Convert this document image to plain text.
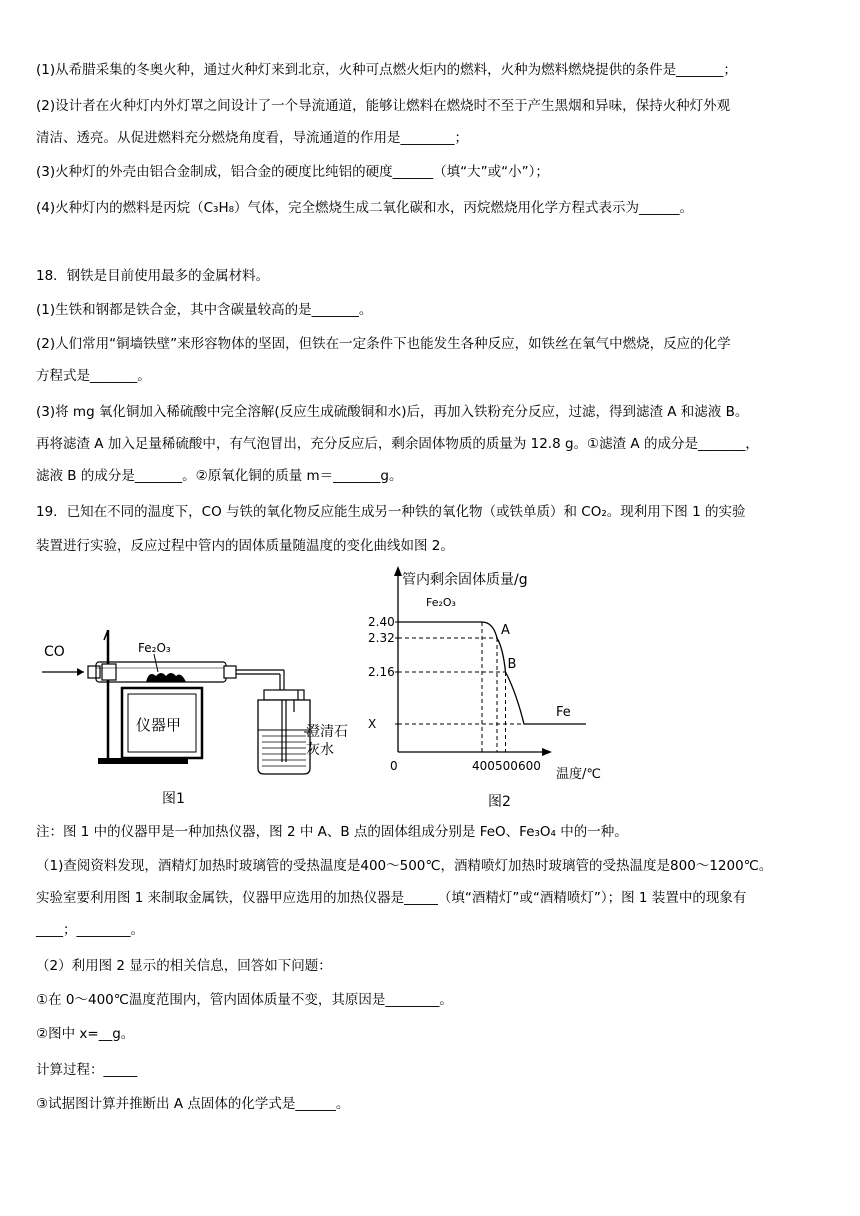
(1)从希腊采集的冬奥火种，通过火种灯来到北京，火种可点燃火炬内的燃料，火种为燃料燃烧提供的条件是_______；
(2)设计者在火种灯内外灯罩之间设计了一个导流通道，能够让燃料在燃烧时不至于产生黑烟和异味，保持火种灯外观
清洁、透亮。从促进燃料充分燃烧角度看，导流通道的作用是________；
(3)火种灯的外壳由铝合金制成，铝合金的硬度比纯铝的硬度______（填“大”或“小”）；
(4)火种灯内的燃料是丙烷（C₃H₈）气体，完全燃烧生成二氧化碳和水，丙烷燃烧用化学方程式表示为______。
18．钢铁是目前使用最多的金属材料。
(1)生铁和钢都是铁合金，其中含碳量较高的是_______。
(2)人们常用“铜墙铁壁”来形容物体的坚固，但铁在一定条件下也能发生各种反应，如铁丝在氧气中燃烧，反应的化学
方程式是_______。
(3)将 mg 氧化铜加入稀硫酸中完全溶解(反应生成硫酸铜和水)后，再加入铁粉充分反应，过滤，得到滤渣 A 和滤液 B。
再将滤渣 A 加入足量稀硫酸中，有气泡冒出，充分反应后，剩余固体物质的质量为 12.8 g。①滤渣 A 的成分是_______，
滤液 B 的成分是_______。②原氧化铜的质量 m＝_______g。
19．已知在不同的温度下，CO 与铁的氧化物反应能生成另一种铁的氧化物（或铁单质）和 CO₂。现利用下图 1 的实验
装置进行实验，反应过程中管内的固体质量随温度的变化曲线如图 2。
注：图 1 中的仪器甲是一种加热仪器，图 2 中 A、B 点的固体组成分别是 FeO、Fe₃O₄ 中的一种。
（1)查阅资料发现，酒精灯加热时玻璃管的受热温度是400～500℃，酒精喷灯加热时玻璃管的受热温度是800～1200℃。
实验室要利用图 1 来制取金属铁，仪器甲应选用的加热仪器是_____（填“酒精灯”或“酒精喷灯”）；图 1 装置中的现象有
____；________。
（2）利用图 2 显示的相关信息，回答如下问题：
①在 0～400℃温度范围内，管内固体质量不变，其原因是________。
②图中 x=__g。
计算过程：_____
③试据图计算并推断出 A 点固体的化学式是______。
CO	Fe₂O₃
仪器甲	澄清石
灰水
图1
管内剩余固体质量/g
温度/℃
图2
2.40
2.32
2.16
X
0	400 500 600
Fe₂O₃
A
B
Fe
